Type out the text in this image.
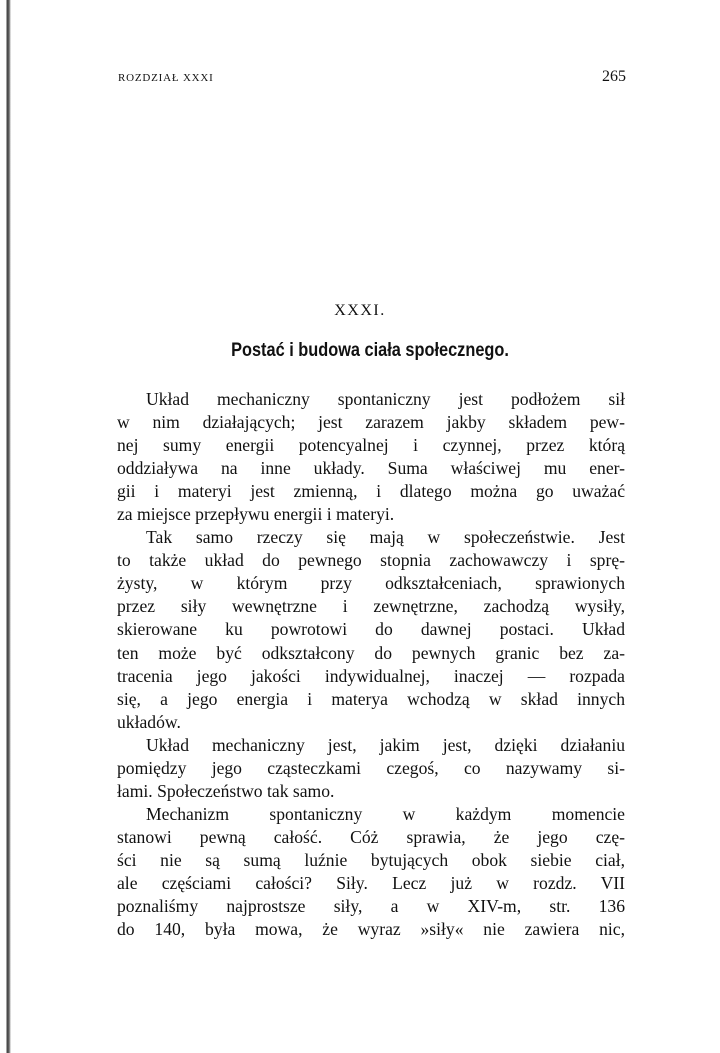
ROZDZIAŁ XXXI	265
XXXI.
Postać i budowa ciała społecznego.
Układ mechaniczny spontaniczny jest podłożem sił
w nim działających; jest zarazem jakby składem pew-
nej sumy energii potencyalnej i czynnej, przez którą
oddziaływa na inne układy. Suma właściwej mu ener-
gii i materyi jest zmienną, i dlatego można go uważać
za miejsce przepływu energii i materyi.
Tak samo rzeczy się mają w społeczeństwie. Jest
to także układ do pewnego stopnia zachowawczy i sprę-
żysty, w którym przy odkształceniach, sprawionych
przez siły wewnętrzne i zewnętrzne, zachodzą wysiły,
skierowane ku powrotowi do dawnej postaci. Układ
ten może być odkształcony do pewnych granic bez za-
tracenia jego jakości indywidualnej, inaczej — rozpada
się, a jego energia i materya wchodzą w skład innych
układów.
Układ mechaniczny jest, jakim jest, dzięki działaniu
pomiędzy jego cząsteczkami czegoś, co nazywamy si-
łami. Społeczeństwo tak samo.
Mechanizm spontaniczny w każdym momencie
stanowi pewną całość. Cóż sprawia, że jego czę-
ści nie są sumą luźnie bytujących obok siebie ciał,
ale częściami całości? Siły. Lecz już w rozdz. VII
poznaliśmy najprostsze siły, a w XIV-m, str. 136
do 140, była mowa, że wyraz »siły« nie zawiera nic,
